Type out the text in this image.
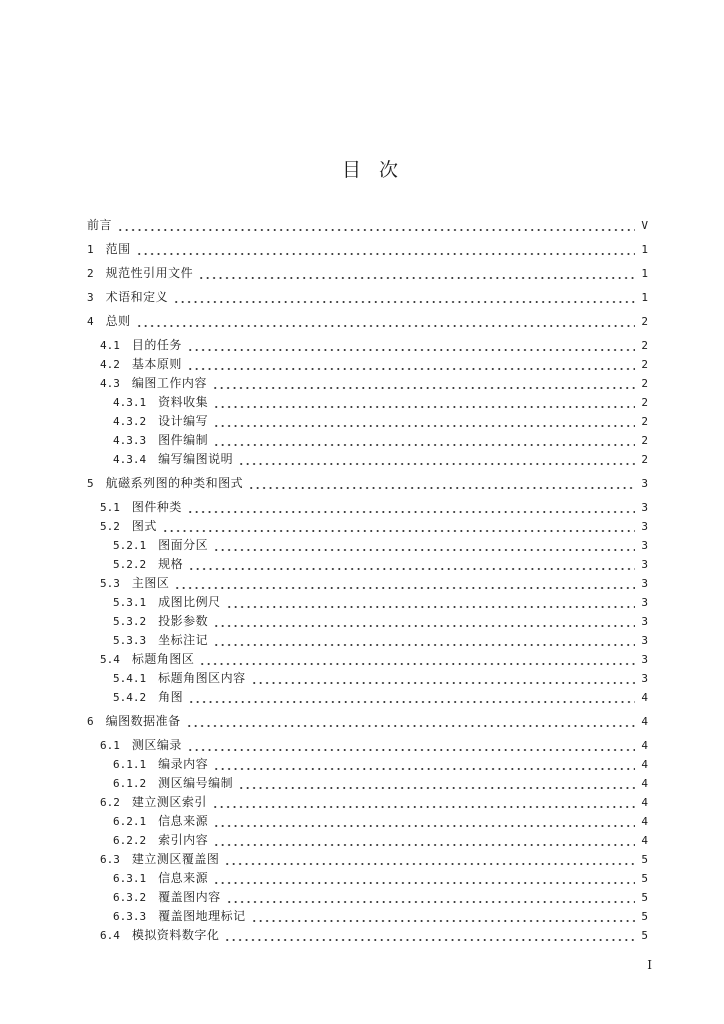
目 次
前言	V
1 范围	1
2 规范性引用文件	1
3 术语和定义	1
4 总则	2
4.1 目的任务	2
4.2 基本原则	2
4.3 编图工作内容	2
4.3.1 资料收集	2
4.3.2 设计编写	2
4.3.3 图件编制	2
4.3.4 编写编图说明	2
5 航磁系列图的种类和图式	3
5.1 图件种类	3
5.2 图式	3
5.2.1 图面分区	3
5.2.2 规格	3
5.3 主图区	3
5.3.1 成图比例尺	3
5.3.2 投影参数	3
5.3.3 坐标注记	3
5.4 标题角图区	3
5.4.1 标题角图区内容	3
5.4.2 角图	4
6 编图数据准备	4
6.1 测区编录	4
6.1.1 编录内容	4
6.1.2 测区编号编制	4
6.2 建立测区索引	4
6.2.1 信息来源	4
6.2.2 索引内容	4
6.3 建立测区覆盖图	5
6.3.1 信息来源	5
6.3.2 覆盖图内容	5
6.3.3 覆盖图地理标记	5
6.4 模拟资料数字化	5
I
